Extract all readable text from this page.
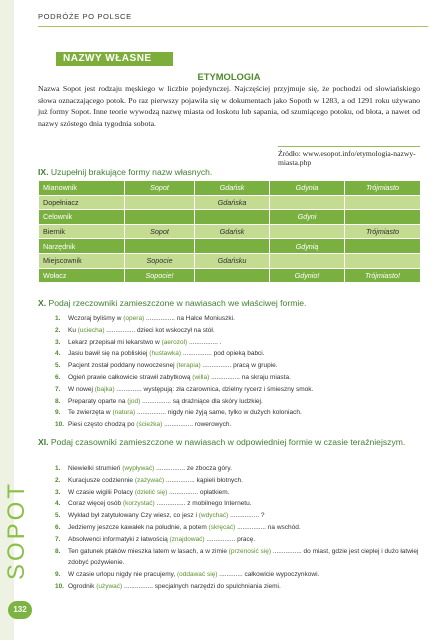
PODRÓŻE PO POLSCE
NAZWY WŁASNE
ETYMOLOGIA

Nazwa Sopot jest rodzaju męskiego w liczbie pojedynczej. Najczęściej przyjmuje się, że pochodzi od słowiańskiego słowa oznaczającego potok. Po raz pierwszy pojawiła się w dokumentach jako Sopoth w 1283, a od 1291 roku używano już formy Sopot. Inne teorie wywodzą nazwę miasta od łoskotu lub sapania, od szumiącego potoku, od błota, a nawet od nazwy szóstego dnia tygodnia sobota.

Źródło: www.esopot.info/etymologia-nazwy-miasta.php
IX. Uzupełnij brakujące formy nazw własnych.
Mianownik	Sopot	Gdańsk	Gdynia	Trójmiasto
Dopełniacz		Gdańska		
Celownik			Gdyni	
Biernik	Sopot	Gdańsk		Trójmiasto
Narzędnik			Gdynią	
Miejscownik	Sopocie	Gdańsku		
Wołacz	Sopocie!		Gdynio!	Trójmiasto!
X. Podaj rzeczowniki zamieszczone w nawiasach we właściwej formie.
1. Wczoraj byliśmy w (opera) ................ na Halce Moniuszki.
2. Ku (uciecha) ................ dzieci kot wskoczył na stół.
3. Lekarz przepisał mi lekarstwo w (aerozol) ................ .
4. Jasiu bawił się na pobliskiej (huśtawka) ................ pod opieką babci.
5. Pacjent został poddany nowoczesnej (terapia) ................ pracą w grupie.
6. Ogień prawie całkowicie strawił zabytkową (willa) ................ na skraju miasta.
7. W nowej (bajka) .............. występują: zła czarownica, dzielny rycerz i śmieszny smok.
8. Preparaty oparte na (jod) ................ są drażniące dla skóry ludzkiej.
9. Te zwierzęta w (natura) ................ nigdy nie żyją same, tylko w dużych koloniach.
10. Piesi często chodzą po (ścieżka) ................ rowerowych.
XI. Podaj czasowniki zamieszczone w nawiasach w odpowiedniej formie w czasie teraźniejszym.
1. Niewielki strumień (wypływać) ................ ze zbocza góry.
2. Kuracjusze codziennie (zażywać) ................ kąpieli błotnych.
3. W czasie wigilii Polacy (dzielić się) ................ opłatkiem.
4. Coraz więcej osób (korzystać) ................ z mobilnego Internetu.
5. Wykład był zatytułowany Czy wiesz, co jesz i (wdychać) ................ ?
6. Jedziemy jeszcze kawałek na południe, a potem (skręcać) ................ na wschód.
7. Absolwenci informatyki z łatwością (znajdować) ................ pracę.
8. Ten gatunek ptaków mieszka latem w lasach, a w zimie (przenosić się) ................ do miast, gdzie jest cieplej i dużo łatwiej zdobyć pożywienie.
9. W czasie urlopu nigdy nie pracujemy, (oddawać się) ............. całkowicie wypoczynkowi.
10. Ogrodnik (używać) ................ specjalnych narzędzi do spulchniania ziemi.
SOPOT
132
